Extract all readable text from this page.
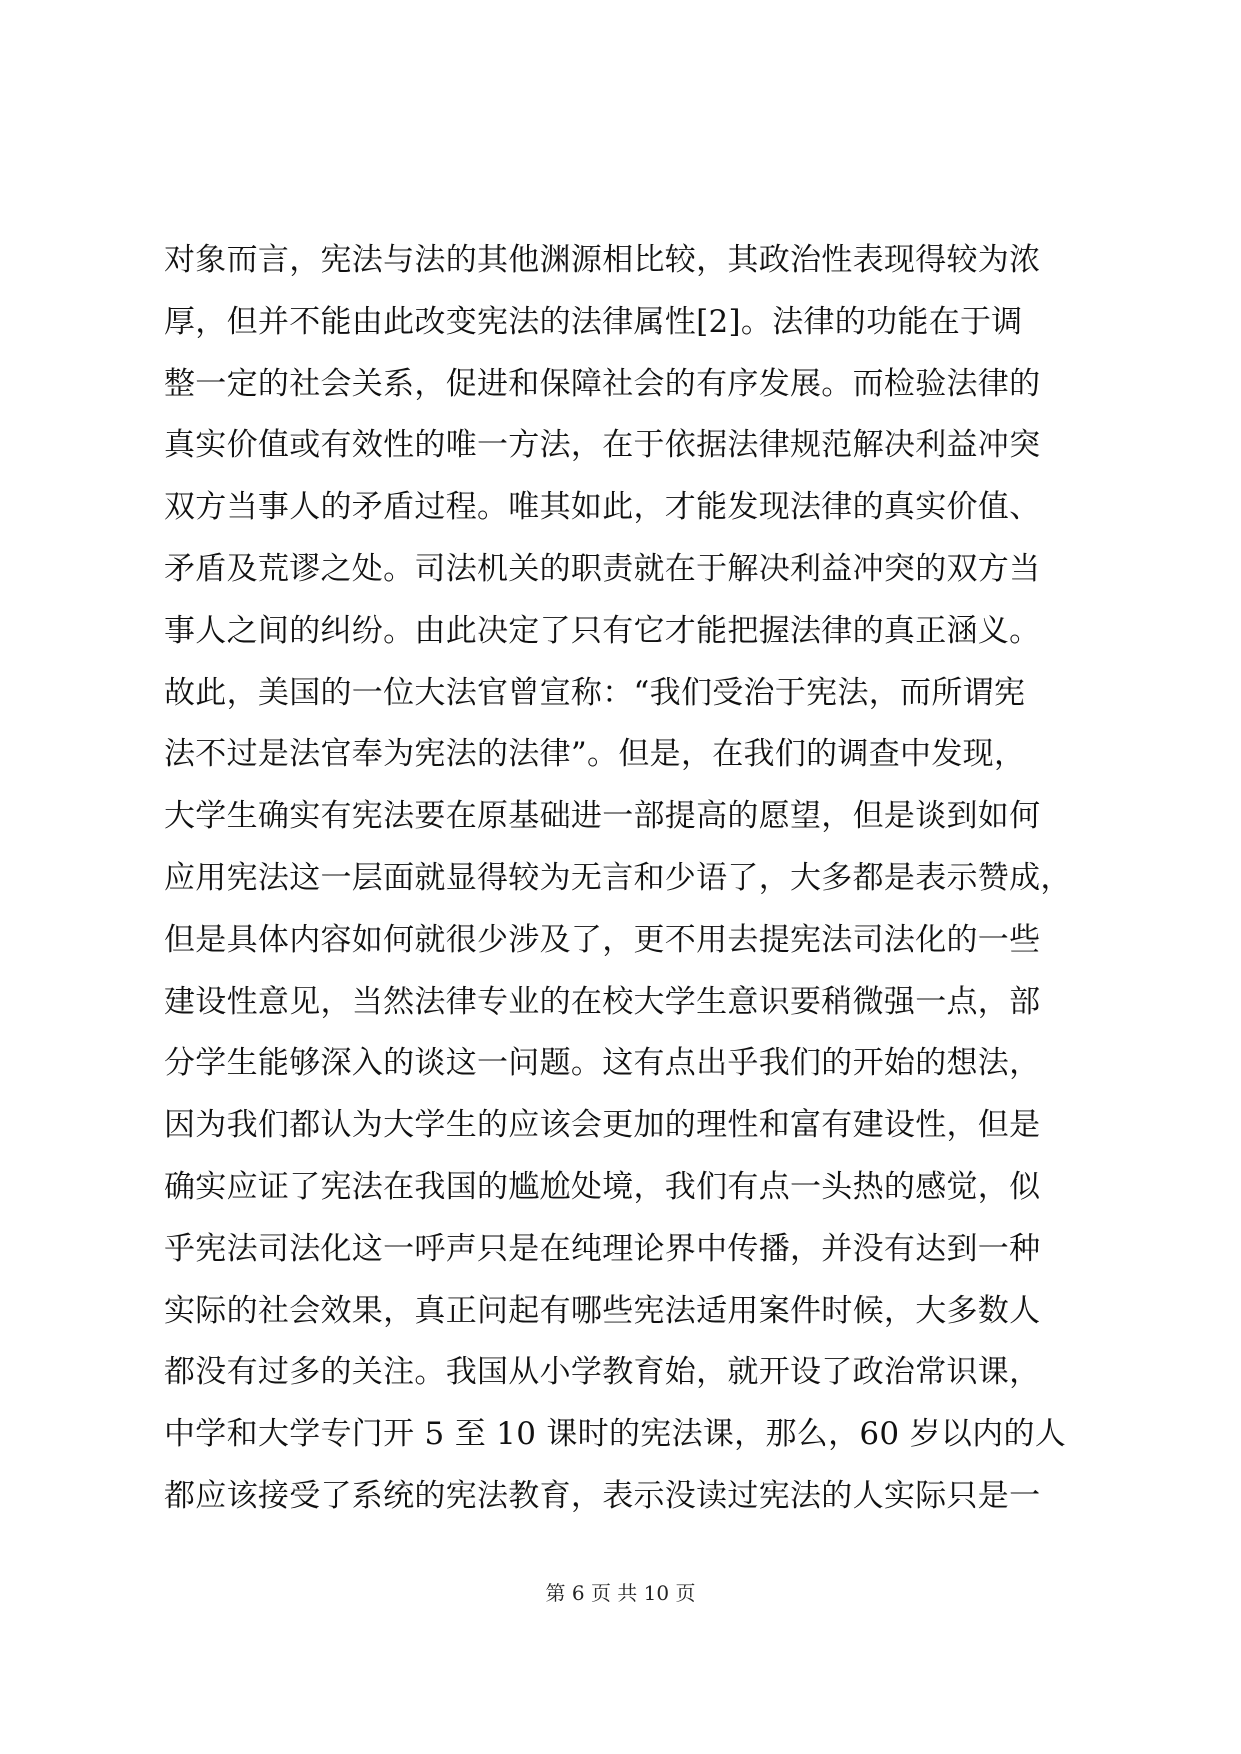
对象而言，宪法与法的其他渊源相比较，其政治性表现得较为浓
厚，但并不能由此改变宪法的法律属性[2]。法律的功能在于调
整一定的社会关系，促进和保障社会的有序发展。而检验法律的
真实价值或有效性的唯一方法，在于依据法律规范解决利益冲突
双方当事人的矛盾过程。唯其如此，才能发现法律的真实价值、
矛盾及荒谬之处。司法机关的职责就在于解决利益冲突的双方当
事人之间的纠纷。由此决定了只有它才能把握法律的真正涵义。
故此，美国的一位大法官曾宣称：“我们受治于宪法，而所谓宪
法不过是法官奉为宪法的法律”。但是，在我们的调查中发现，
大学生确实有宪法要在原基础进一部提高的愿望，但是谈到如何
应用宪法这一层面就显得较为无言和少语了，大多都是表示赞成，
但是具体内容如何就很少涉及了，更不用去提宪法司法化的一些
建设性意见，当然法律专业的在校大学生意识要稍微强一点，部
分学生能够深入的谈这一问题。这有点出乎我们的开始的想法，
因为我们都认为大学生的应该会更加的理性和富有建设性，但是
确实应证了宪法在我国的尴尬处境，我们有点一头热的感觉，似
乎宪法司法化这一呼声只是在纯理论界中传播，并没有达到一种
实际的社会效果，真正问起有哪些宪法适用案件时候，大多数人
都没有过多的关注。我国从小学教育始，就开设了政治常识课，
中学和大学专门开 5 至 10 课时的宪法课，那么，60 岁以内的人
都应该接受了系统的宪法教育，表示没读过宪法的人实际只是一
第 6 页 共 10 页
